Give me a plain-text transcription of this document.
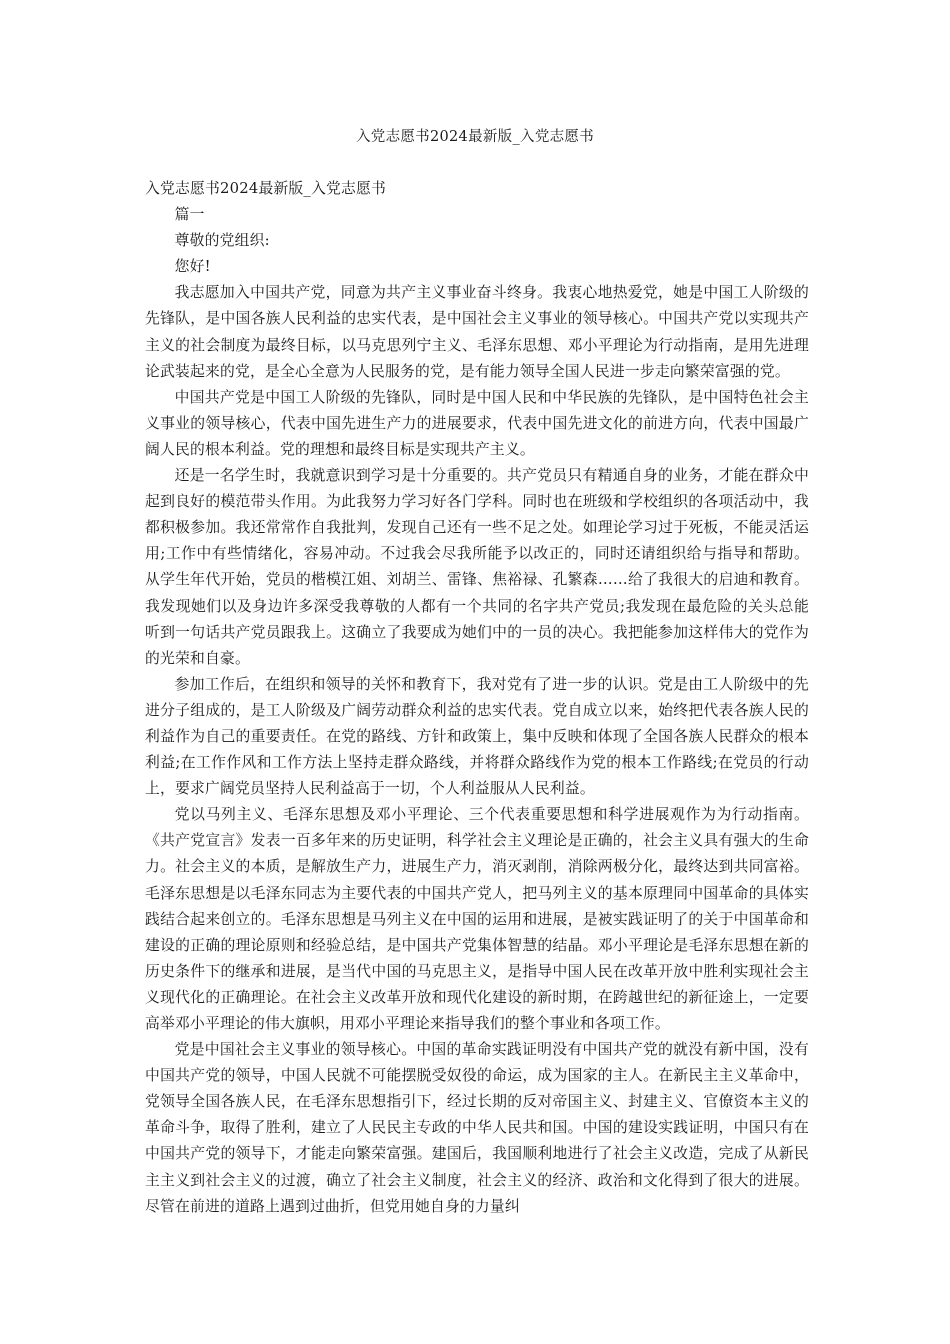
入党志愿书2024最新版_入党志愿书

入党志愿书2024最新版_入党志愿书

篇一

尊敬的党组织:

您好!

我志愿加入中国共产党，同意为共产主义事业奋斗终身。我衷心地热爱党，她是中国工人阶级的先锋队，是中国各族人民利益的忠实代表，是中国社会主义事业的领导核心。中国共产党以实现共产主义的社会制度为最终目标，以马克思列宁主义、毛泽东思想、邓小平理论为行动指南，是用先进理论武装起来的党，是全心全意为人民服务的党，是有能力领导全国人民进一步走向繁荣富强的党。

中国共产党是中国工人阶级的先锋队，同时是中国人民和中华民族的先锋队，是中国特色社会主义事业的领导核心，代表中国先进生产力的进展要求，代表中国先进文化的前进方向，代表中国最广阔人民的根本利益。党的理想和最终目标是实现共产主义。

还是一名学生时，我就意识到学习是十分重要的。共产党员只有精通自身的业务，才能在群众中起到良好的模范带头作用。为此我努力学习好各门学科。同时也在班级和学校组织的各项活动中，我都积极参加。我还常常作自我批判，发现自己还有一些不足之处。如理论学习过于死板，不能灵活运用;工作中有些情绪化，容易冲动。不过我会尽我所能予以改正的，同时还请组织给与指导和帮助。从学生年代开始，党员的楷模江姐、刘胡兰、雷锋、焦裕禄、孔繁森……给了我很大的启迪和教育。我发现她们以及身边许多深受我尊敬的人都有一个共同的名字共产党员;我发现在最危险的关头总能听到一句话共产党员跟我上。这确立了我要成为她们中的一员的决心。我把能参加这样伟大的党作为的光荣和自豪。

参加工作后，在组织和领导的关怀和教育下，我对党有了进一步的认识。党是由工人阶级中的先进分子组成的，是工人阶级及广阔劳动群众利益的忠实代表。党自成立以来，始终把代表各族人民的利益作为自己的重要责任。在党的路线、方针和政策上，集中反映和体现了全国各族人民群众的根本利益;在工作作风和工作方法上坚持走群众路线，并将群众路线作为党的根本工作路线;在党员的行动上，要求广阔党员坚持人民利益高于一切，个人利益服从人民利益。

党以马列主义、毛泽东思想及邓小平理论、三个代表重要思想和科学进展观作为为行动指南。《共产党宣言》发表一百多年来的历史证明，科学社会主义理论是正确的，社会主义具有强大的生命力。社会主义的本质，是解放生产力，进展生产力，消灭剥削，消除两极分化，最终达到共同富裕。毛泽东思想是以毛泽东同志为主要代表的中国共产党人，把马列主义的基本原理同中国革命的具体实践结合起来创立的。毛泽东思想是马列主义在中国的运用和进展，是被实践证明了的关于中国革命和建设的正确的理论原则和经验总结，是中国共产党集体智慧的结晶。邓小平理论是毛泽东思想在新的历史条件下的继承和进展，是当代中国的马克思主义，是指导中国人民在改革开放中胜利实现社会主义现代化的正确理论。在社会主义改革开放和现代化建设的新时期，在跨越世纪的新征途上，一定要高举邓小平理论的伟大旗帜，用邓小平理论来指导我们的整个事业和各项工作。

党是中国社会主义事业的领导核心。中国的革命实践证明没有中国共产党的就没有新中国，没有中国共产党的领导，中国人民就不可能摆脱受奴役的命运，成为国家的主人。在新民主主义革命中，党领导全国各族人民，在毛泽东思想指引下，经过长期的反对帝国主义、封建主义、官僚资本主义的革命斗争，取得了胜利，建立了人民民主专政的中华人民共和国。中国的建设实践证明，中国只有在中国共产党的领导下，才能走向繁荣富强。建国后，我国顺利地进行了社会主义改造，完成了从新民主主义到社会主义的过渡，确立了社会主义制度，社会主义的经济、政治和文化得到了很大的进展。尽管在前进的道路上遇到过曲折，但党用她自身的力量纠
